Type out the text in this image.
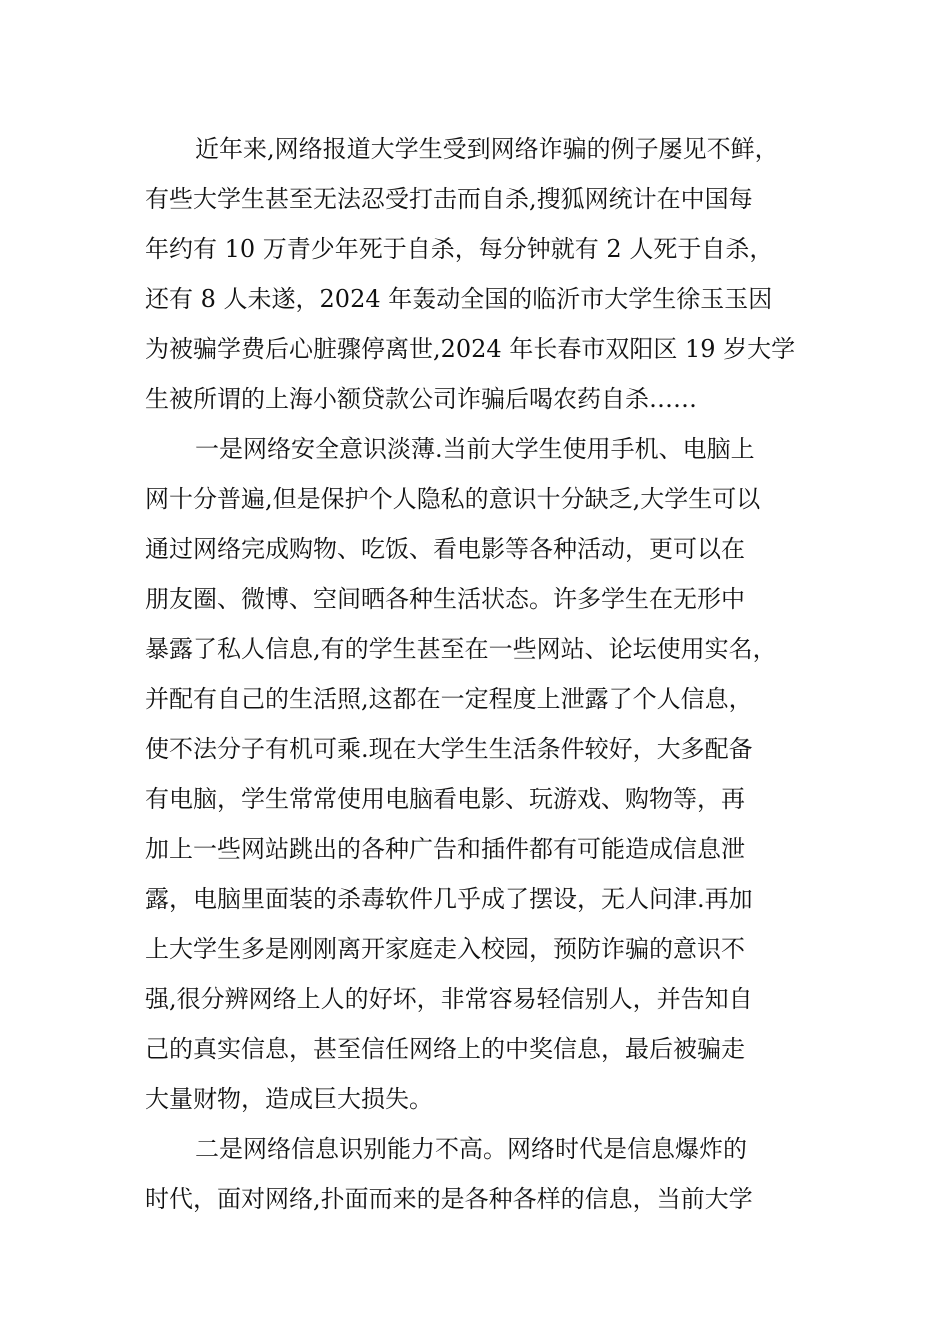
近年来,网络报道大学生受到网络诈骗的例子屡见不鲜，
有些大学生甚至无法忍受打击而自杀,搜狐网统计在中国每
年约有 10 万青少年死于自杀，每分钟就有 2 人死于自杀，
还有 8 人未遂，2024 年轰动全国的临沂市大学生徐玉玉因
为被骗学费后心脏骤停离世,2024 年长春市双阳区 19 岁大学
生被所谓的上海小额贷款公司诈骗后喝农药自杀……
一是网络安全意识淡薄.当前大学生使用手机、电脑上
网十分普遍,但是保护个人隐私的意识十分缺乏,大学生可以
通过网络完成购物、吃饭、看电影等各种活动，更可以在
朋友圈、微博、空间晒各种生活状态。许多学生在无形中
暴露了私人信息,有的学生甚至在一些网站、论坛使用实名，
并配有自己的生活照,这都在一定程度上泄露了个人信息，
使不法分子有机可乘.现在大学生生活条件较好，大多配备
有电脑，学生常常使用电脑看电影、玩游戏、购物等，再
加上一些网站跳出的各种广告和插件都有可能造成信息泄
露，电脑里面装的杀毒软件几乎成了摆设，无人问津.再加
上大学生多是刚刚离开家庭走入校园，预防诈骗的意识不
强,很分辨网络上人的好坏，非常容易轻信别人，并告知自
己的真实信息，甚至信任网络上的中奖信息，最后被骗走
大量财物，造成巨大损失。
二是网络信息识别能力不高。网络时代是信息爆炸的
时代，面对网络,扑面而来的是各种各样的信息，当前大学
